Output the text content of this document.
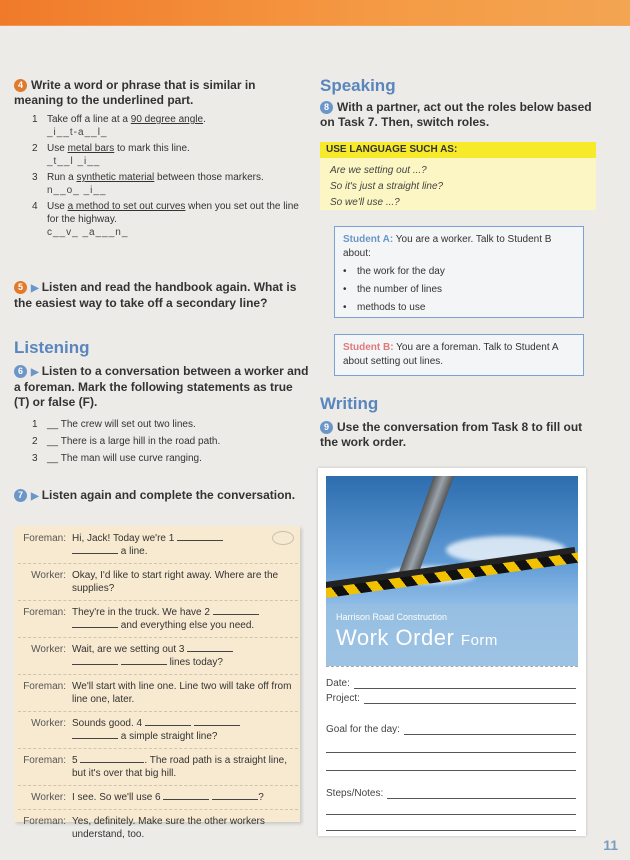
4 Write a word or phrase that is similar in meaning to the underlined part.
1 Take off a line at a 90 degree angle.
_i__t-a__l_
2 Use metal bars to mark this line.
_t__l _i__
3 Run a synthetic material between those markers.
n__o_ _i__
4 Use a method to set out curves when you set out the line for the highway.
c__v_ _a___n_
5 ▶ Listen and read the handbook again. What is the easiest way to take off a secondary line?
Listening
6 ▶ Listen to a conversation between a worker and a foreman. Mark the following statements as true (T) or false (F).
1 __ The crew will set out two lines.
2 __ There is a large hill in the road path.
3 __ The man will use curve ranging.
7 ▶ Listen again and complete the conversation.
Foreman: Hi, Jack! Today we're 1
a line.
Worker: Okay, I'd like to start right away. Where are the supplies?
Foreman: They're in the truck. We have 2   and everything else you need.
Worker: Wait, are we setting out 3
lines today?
Foreman: We'll start with line one. Line two will take off from line one, later.
Worker: Sounds good. 4
a simple straight line?
Foreman: 5	. The road path is a straight line, but it's over that big hill.
Worker: I see. So we'll use 6	?
Foreman: Yes, definitely. Make sure the other workers understand, too.
Speaking
8 With a partner, act out the roles below based on Task 7. Then, switch roles.
USE LANGUAGE SUCH AS:
Are we setting out ...?
So it's just a straight line?
So we'll use ...?
Student A: You are a worker. Talk to Student B about:
•	the work for the day
•	the number of lines
•	methods to use
Student B: You are a foreman. Talk to Student A about setting out lines.
Writing
9 Use the conversation from Task 8 to fill out the work order.
Harrison Road Construction
Work Order Form
Date:
Project:
Goal for the day:
Steps/Notes:
11
